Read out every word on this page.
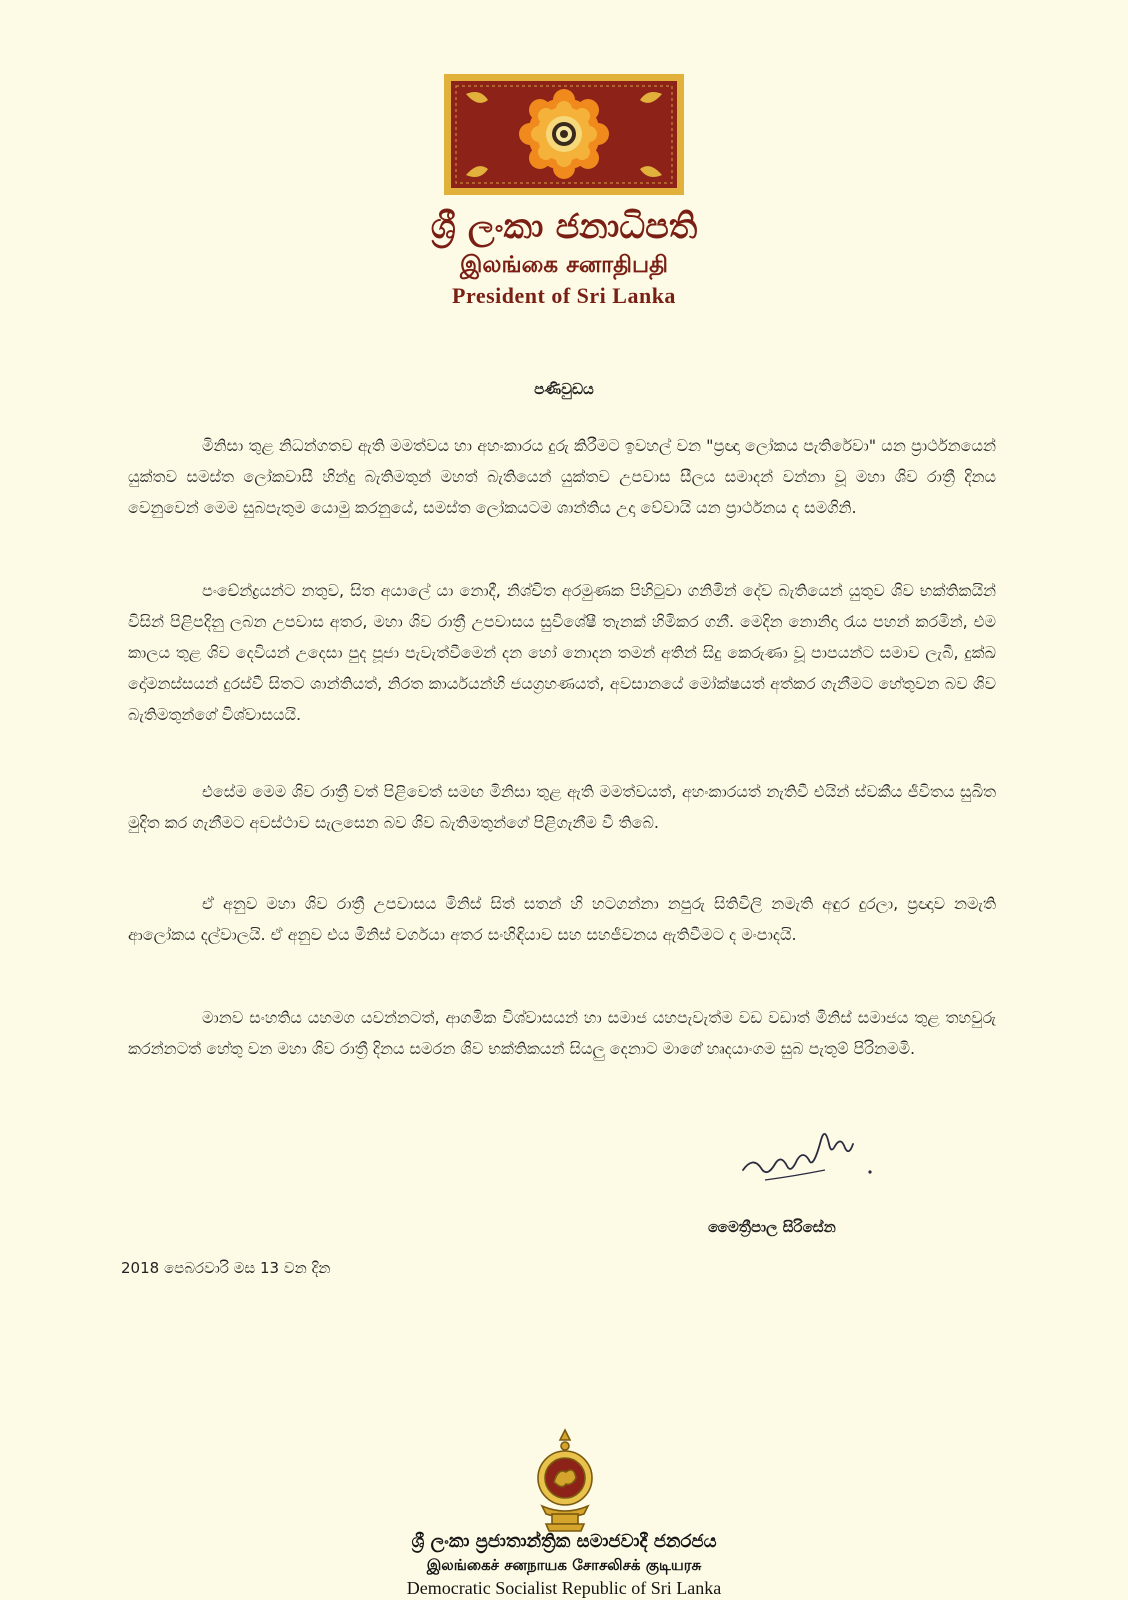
ශ්‍රී ලංකා ජනාධිපති
இலங்கை சனாதிபதி
President of Sri Lanka
පණිවුඩය

මිනිසා තුළ නිධන්ගතව ඇති මමත්වය හා අහංකාරය දුරු කිරීමට ඉවහල් වන "ප්‍රඥා ලෝකය පැතිරේවා" යන ප්‍රාර්ථනයෙන් යුක්තව සමස්ත ලෝකවාසී හින්දු බැතිමතුන් මහත් බැතියෙන් යුක්තව උපවාස සීලය සමාදන් වන්නා වූ මහා ශිව රාත්‍රී දිනය වෙනුවෙන් මෙම සුබපැතුම යොමු කරනුයේ, සමස්ත ලෝකයටම ශාන්තිය උදා වේවායි යන ප්‍රාර්ථනය ද සමගිනි.

පංචේන්ද්‍රයන්ට නතුව, සිත අයාලේ යා නොදී, නිශ්චිත අරමුණක පිහිටුවා ගනිමින් දේව බැතියෙන් යුතුව ශිව භක්තිකයින් විසින් පිළිපදිනු ලබන උපවාස අතර, මහා ශිව රාත්‍රී උපවාසය සුවිශේෂී තැනක් හිමිකර ගනී. මෙදින නොනිදා රැය පහන් කරමින්, එම කාලය තුළ ශිව දෙවියන් උදෙසා පුද පූජා පැවැත්වීමෙන් දන හෝ නොදන තමන් අතින් සිදු කෙරුණා වූ පාපයන්ට සමාව ලැබී, දුක්ඛ දෝමනස්සයන් දුරස්වී සිතට ශාන්තියත්, නිරත කාර්යයන්හි ජයග්‍රහණයත්, අවසානයේ මෝක්ෂයත් අත්කර ගැනීමට හේතුවන බව ශිව බැතිමතුන්ගේ විශ්වාසයයි.

එසේම මෙම ශිව රාත්‍රී වත් පිළිවෙත් සමඟ මිනිසා තුළ ඇති මමත්වයත්, අහංකාරයත් නැතිවී එයින් ස්වකීය ජීවිතය සුඛිත මුදිත කර ගැනීමට අවස්ථාව සැලසෙන බව ශිව බැතිමතුන්ගේ පිළිගැනීම වී තිබේ.

ඒ අනුව මහා ශිව රාත්‍රී උපවාසය මිනිස් සිත් සතන් හි හටගන්නා නපුරු සිතිවිලි නමැති අඳුර දුරලා, ප්‍රඥාව නමැති ආලෝකය දල්වාලයි. ඒ අනුව එය මිනිස් වර්ගයා අතර සංහිඳියාව සහ සහජීවනය ඇතිවීමට ද මංපාදයි.

මානව සංහතිය යහමග යවන්නටත්, ආගමික විශ්වාසයන් හා සමාජ යහපැවැත්ම වඩ වඩාත් මිනිස් සමාජය තුළ තහවුරු කරන්නටත් හේතු වන මහා ශිව රාත්‍රී දිනය සමරන ශිව භක්තිකයන් සියලු දෙනාට මාගේ හෘදයාංගම සුබ පැතුම් පිරිනමමි.

මෛත්‍රීපාල සිරිසේන
2018 පෙබරවාරි මස 13 වන දින
ශ්‍රී ලංකා ප්‍රජාතාන්ත්‍රික සමාජවාදී ජනරජය
இலங்கைச் சனநாயக சோசலிசக் குடியரசு
Democratic Socialist Republic of Sri Lanka
